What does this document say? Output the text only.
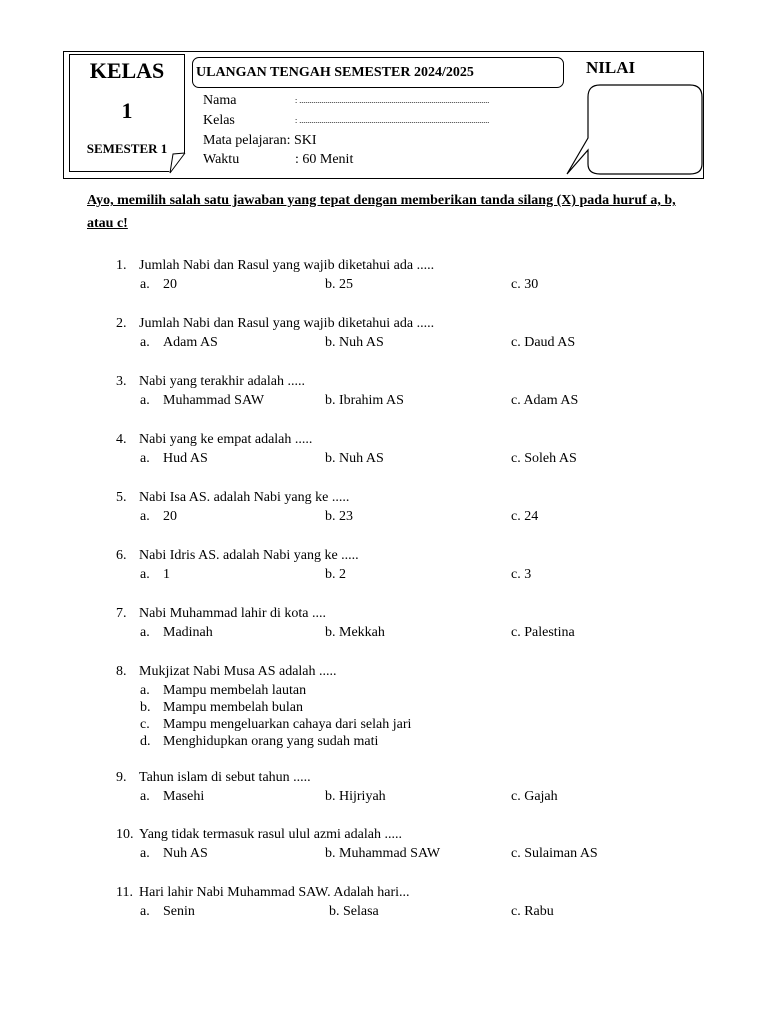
KELAS
1
SEMESTER 1
ULANGAN TENGAH SEMESTER 2024/2025
Nama	: ...............................................................................................
Kelas	: ...............................................................................................
Mata pelajaran: SKI
Waktu	: 60 Menit
NILAI
Ayo, memilih salah satu jawaban yang tepat dengan memberikan tanda silang (X) pada huruf a, b, atau c!
1. Jumlah Nabi dan Rasul yang wajib diketahui ada .....
a. 20	b. 25	c. 30
2. Jumlah Nabi dan Rasul yang wajib diketahui ada .....
a. Adam AS	b. Nuh AS	c. Daud AS
3. Nabi yang terakhir adalah .....
a. Muhammad SAW	b. Ibrahim AS	c. Adam AS
4. Nabi yang ke empat adalah .....
a. Hud AS	b. Nuh AS	c. Soleh AS
5. Nabi Isa AS. adalah Nabi yang ke .....
a. 20	b. 23	c. 24
6. Nabi Idris AS. adalah Nabi yang ke .....
a. 1	b. 2	c. 3
7. Nabi Muhammad lahir di kota ....
a. Madinah	b. Mekkah	c. Palestina
8. Mukjizat Nabi Musa AS adalah .....
a. Mampu membelah lautan
b. Mampu membelah bulan
c. Mampu mengeluarkan cahaya dari selah jari
d. Menghidupkan orang yang sudah mati
9. Tahun islam di sebut tahun .....
a. Masehi	b. Hijriyah	c. Gajah
10. Yang tidak termasuk rasul ulul azmi adalah .....
a. Nuh AS	b. Muhammad SAW	c. Sulaiman AS
11. Hari lahir Nabi Muhammad SAW. Adalah hari...
a. Senin	b. Selasa	c. Rabu
